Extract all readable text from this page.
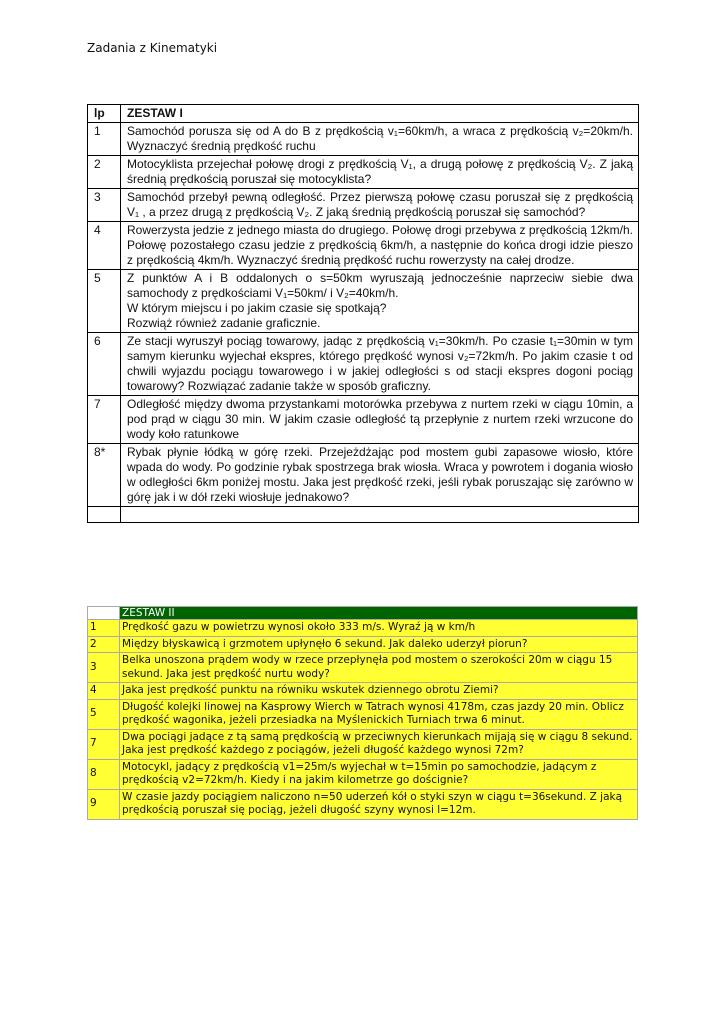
Zadania z Kinematyki
lp	ZESTAW I
1	Samochód porusza się od A do B z prędkością v₁=60km/h, a wraca z prędkością v₂=20km/h. Wyznaczyć średnią prędkość ruchu
2	Motocyklista przejechał połowę drogi z prędkością V₁, a drugą połowę z prędkością V₂. Z jaką średnią prędkością poruszał się motocyklista?
3	Samochód przebył pewną odległość. Przez pierwszą połowę czasu poruszał się z prędkością V₁ , a przez drugą z prędkością V₂. Z jaką średnią prędkością poruszał się samochód?
4	Rowerzysta jedzie z jednego miasta do drugiego. Połowę drogi przebywa z prędkością 12km/h. Połowę pozostałego czasu jedzie z prędkością 6km/h, a następnie do końca drogi idzie pieszo z prędkością 4km/h. Wyznaczyć średnią prędkość ruchu rowerzysty na całej drodze.
5	Z punktów A i B oddalonych o s=50km wyruszają jednocześnie naprzeciw siebie dwa samochody z prędkościami V₁=50km/ i V₂=40km/h.
W którym miejscu i po jakim czasie się spotkają?
Rozwiąż również zadanie graficznie.

6	Ze stacji wyruszył pociąg towarowy, jadąc z prędkością v₁=30km/h. Po czasie t₁=30min w tym samym kierunku wyjechał ekspres, którego prędkość wynosi v₂=72km/h. Po jakim czasie t od chwili wyjazdu pociągu towarowego i w jakiej odległości s od stacji ekspres dogoni pociąg towarowy? Rozwiązać zadanie także w sposób graficzny.
7	Odległość między dwoma przystankami motorówka przebywa z nurtem rzeki w ciągu 10min, a pod prąd w ciągu 30 min. W jakim czasie odległość tą przepłynie z nurtem rzeki wrzucone do wody koło ratunkowe
8*	Rybak płynie łódką w górę rzeki. Przejeżdżając pod mostem gubi zapasowe wiosło, które wpada do wody. Po godzinie rybak spostrzega brak wiosła. Wraca y powrotem i dogania wiosło w odległości 6km poniżej mostu. Jaka jest prędkość rzeki, jeśli rybak poruszając się zarówno w górę jak i w dół rzeki wiosłuje jednakowo?

	ZESTAW II
1	Prędkość gazu w powietrzu wynosi około 333 m/s. Wyraź ją w km/h
2	Między błyskawicą i grzmotem upłynęło 6 sekund. Jak daleko uderzył piorun?
3	Belka unoszona prądem wody w rzece przepłynęła pod mostem o szerokości 20m w ciągu 15 sekund. Jaka jest prędkość nurtu wody?
4	Jaka jest prędkość punktu na równiku wskutek dziennego obrotu Ziemi?
5	Długość kolejki linowej na Kasprowy Wierch w Tatrach wynosi 4178m, czas jazdy 20 min. Oblicz prędkość wagonika, jeżeli przesiadka na Myślenickich Turniach trwa 6 minut.
7	Dwa pociągi jadące z tą samą prędkością w przeciwnych kierunkach mijają się w ciągu 8 sekund. Jaka jest prędkość każdego z pociągów, jeżeli długość każdego wynosi 72m?
8	Motocykl, jadący z prędkością v1=25m/s wyjechał w t=15min po samochodzie, jadącym z prędkością v2=72km/h. Kiedy i na jakim kilometrze go doścignie?
9	W czasie jazdy pociągiem naliczono n=50 uderzeń kół o styki szyn w ciągu t=36sekund. Z jaką prędkością poruszał się pociąg, jeżeli długość szyny wynosi l=12m.
